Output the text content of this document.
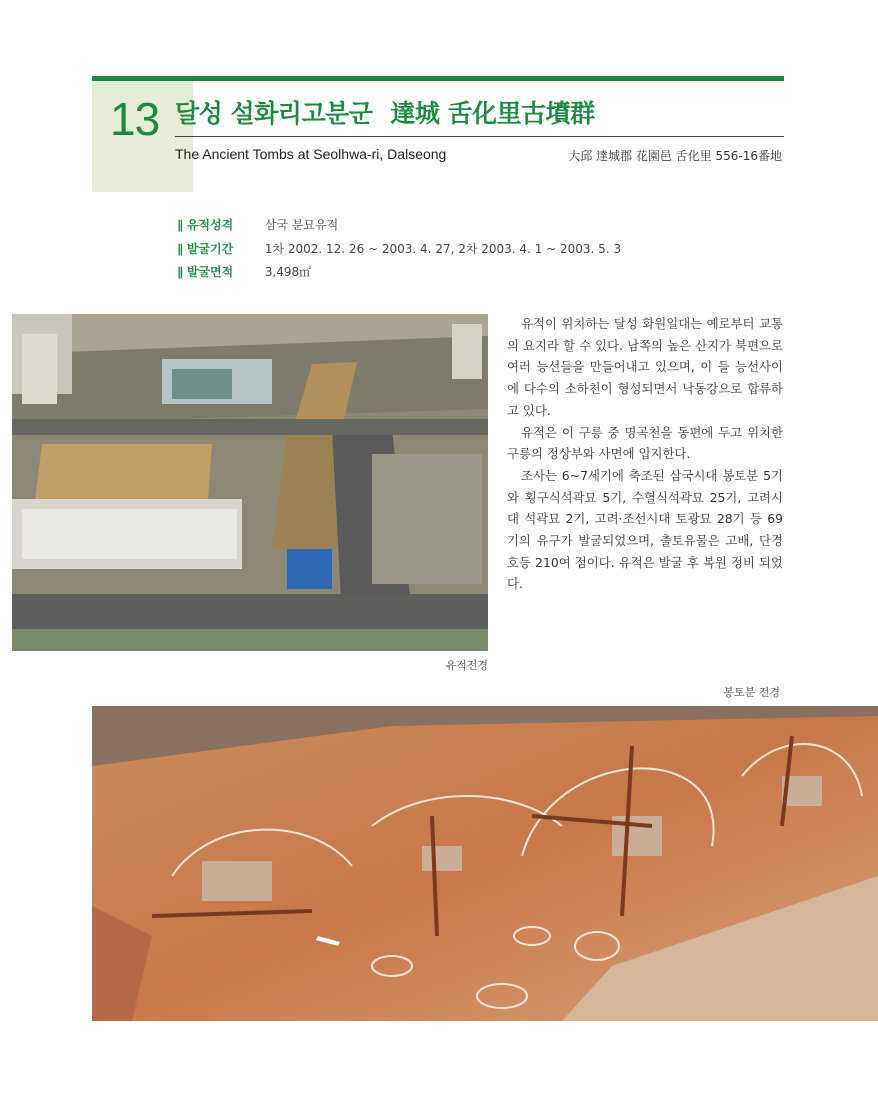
13 달성 설화리고분군 達城 舌化里古墳群
The Ancient Tombs at Seolhwa-ri, Dalseong	大邱 達城郡 花園邑 舌化里 556-16番地
∥ 유적성격	삼국 분묘유적
∥ 발굴기간	1차 2002. 12. 26 ~ 2003. 4. 27, 2차 2003. 4. 1 ~ 2003. 5. 3
∥ 발굴면적	3,498㎡
유적전경

유적이 위치하는 달성 화원일대는 예로부터 교통의 요지라 할 수 있다. 남쪽의 높은 산지가 북편으로 여러 능선들을 만들어내고 있으며, 이 들 능선사이에 다수의 소하천이 형성되면서 낙동강으로 합류하고 있다.

유적은 이 구릉 중 명곡천을 동편에 두고 위치한 구릉의 정상부와 사면에 입지한다.

조사는 6~7세기에 축조된 삼국시대 봉토분 5기와 횡구식석곽묘 5기, 수혈식석곽묘 25기, 고려시대 석곽묘 2기, 고려·조선시대 토광묘 28기 등 69기의 유구가 발굴되었으며, 출토유물은 고배, 단경호등 210여 점이다. 유적은 발굴 후 복원 정비 되었다.

봉토분 전경
